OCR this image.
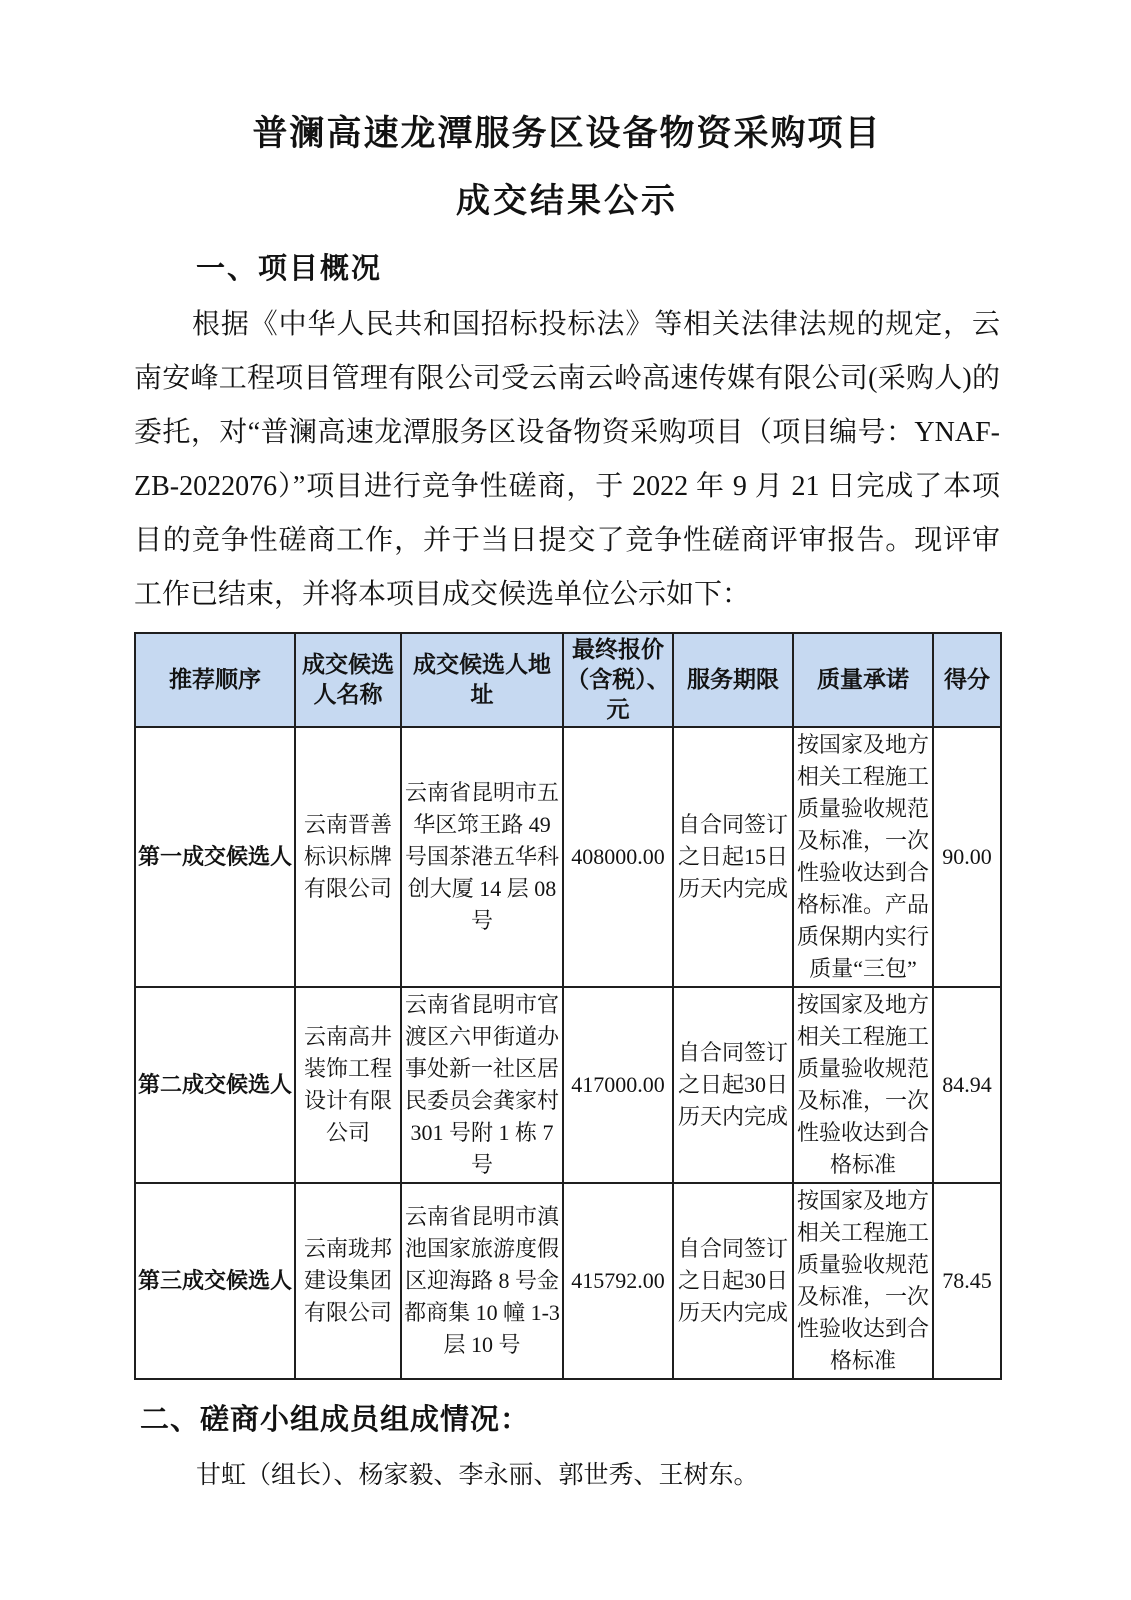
普澜高速龙潭服务区设备物资采购项目
成交结果公示
一、项目概况
根据《中华人民共和国招标投标法》等相关法律法规的规定，云南安峰工程项目管理有限公司受云南云岭高速传媒有限公司(采购人)的委托，对“普澜高速龙潭服务区设备物资采购项目（项目编号：YNAF-ZB-2022076）”项目进行竞争性磋商，于 2022 年 9 月 21 日完成了本项目的竞争性磋商工作，并于当日提交了竞争性磋商评审报告。现评审工作已结束，并将本项目成交候选单位公示如下：
推荐顺序	成交候选人名称	成交候选人地址	最终报价（含税）、元	服务期限	质量承诺	得分
第一成交候选人	云南晋善标识标牌有限公司	云南省昆明市五华区筇王路 49 号国茶港五华科创大厦 14 层 08 号	408000.00	自合同签订之日起15日历天内完成	按国家及地方相关工程施工质量验收规范及标准，一次性验收达到合格标准。产品质保期内实行质量“三包”	90.00
第二成交候选人	云南高井装饰工程设计有限公司	云南省昆明市官渡区六甲街道办事处新一社区居民委员会龚家村 301 号附 1 栋 7 号	417000.00	自合同签订之日起30日历天内完成	按国家及地方相关工程施工质量验收规范及标准，一次性验收达到合格标准	84.94
第三成交候选人	云南珑邦建设集团有限公司	云南省昆明市滇池国家旅游度假区迎海路 8 号金都商集 10 幢 1-3 层 10 号	415792.00	自合同签订之日起30日历天内完成	按国家及地方相关工程施工质量验收规范及标准，一次性验收达到合格标准	78.45
二、磋商小组成员组成情况：
甘虹（组长）、杨家毅、李永丽、郭世秀、王树东。
